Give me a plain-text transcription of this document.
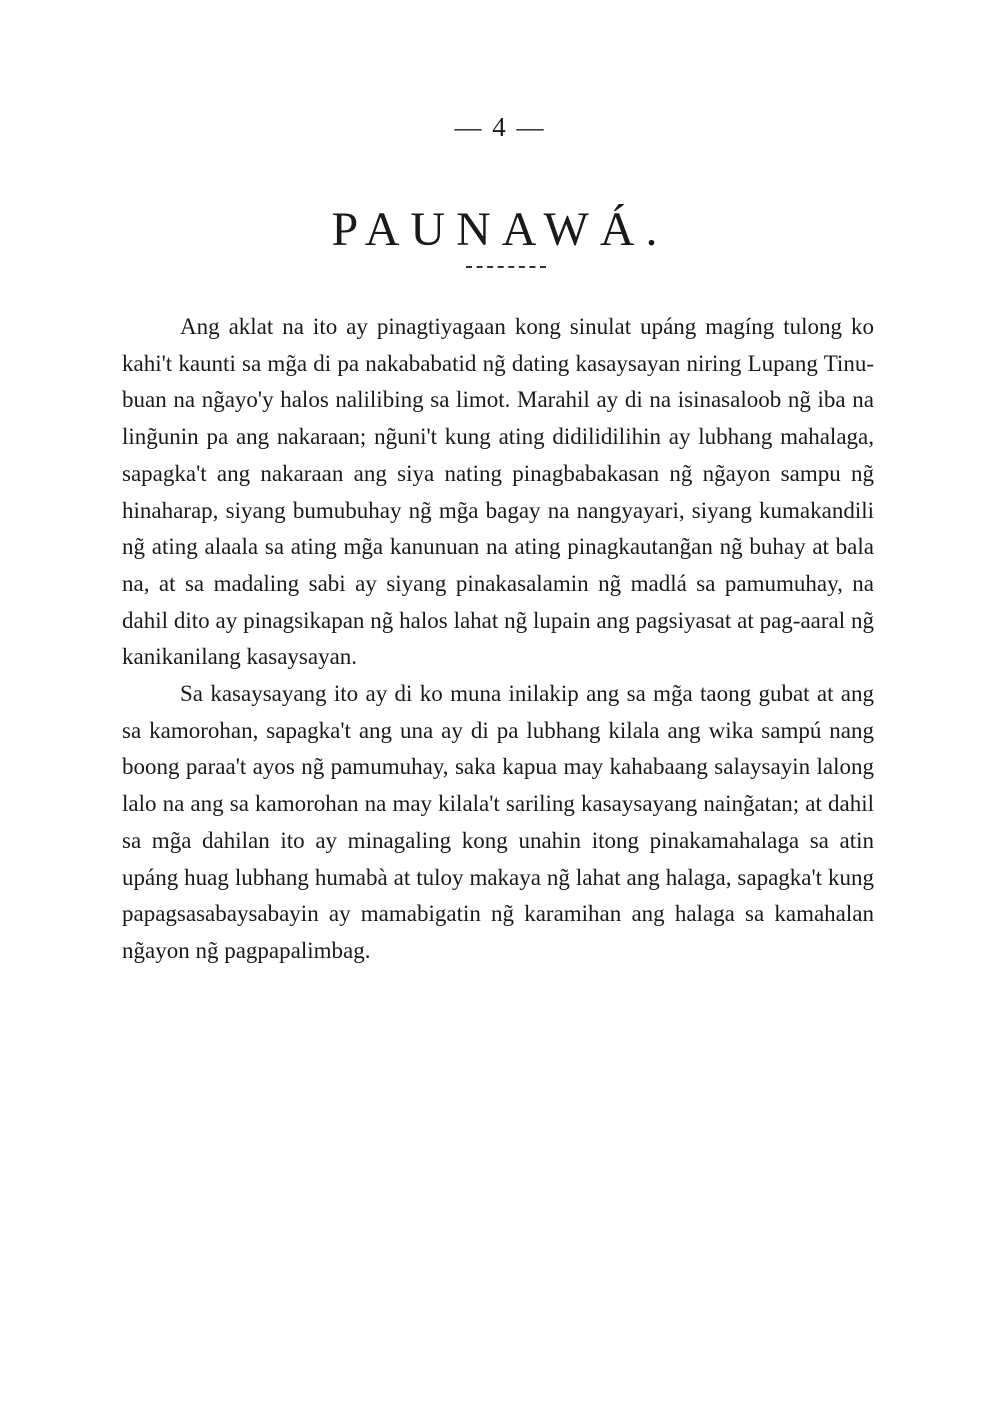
— 4 —
PAUNAWÁ.

Ang aklat na ito ay pinagtiyagaan kong sinulat upáng magíng tulong ko kahi't kaunti sa mg̃a di pa nakababatid ng̃ dating kasaysayan niring Lupang Tinubuan na ng̃ayo'y halos nalilibing sa limot. Marahil ay di na isinasaloob ng̃ iba na ling̃unin pa ang nakaraan; ng̃uni't kung ating didilidilihin ay lubhang mahalaga, sapagka't ang nakaraan ang siya nating pinagbabakasan ng̃ ng̃ayon sampu ng̃ hinaharap, siyang bumubuhay ng̃ mg̃a bagay na nangyayari, siyang kumakandili ng̃ ating alaala sa ating mg̃a kanunuan na ating pinagkautang̃an ng̃ buhay at bala na, at sa madaling sabi ay siyang pinakasalamin ng̃ madlá sa pamumuhay, na dahil dito ay pinagsikapan ng̃ halos lahat ng̃ lupain ang pagsiyasat at pag-aaral ng̃ kanikanilang kasaysayan.

Sa kasaysayang ito ay di ko muna inilakip ang sa mg̃a taong gubat at ang sa kamorohan, sapagka't ang una ay di pa lubhang kilala ang wika sampú nang boong paraa't ayos ng̃ pamumuhay, saka kapua may kahabaang salaysayin lalong lalo na ang sa kamorohan na may kilala't sariling kasaysayang naing̃atan; at dahil sa mg̃a dahilan ito ay minagaling kong unahin itong pinakamahalaga sa atin upáng huag lubhang humabà at tuloy makaya ng̃ lahat ang halaga, sapagka't kung papagsasabaysabayin ay mamabigatin ng̃ karamihan ang halaga sa kamahalan ng̃ayon ng̃ pagpapalimbag.
